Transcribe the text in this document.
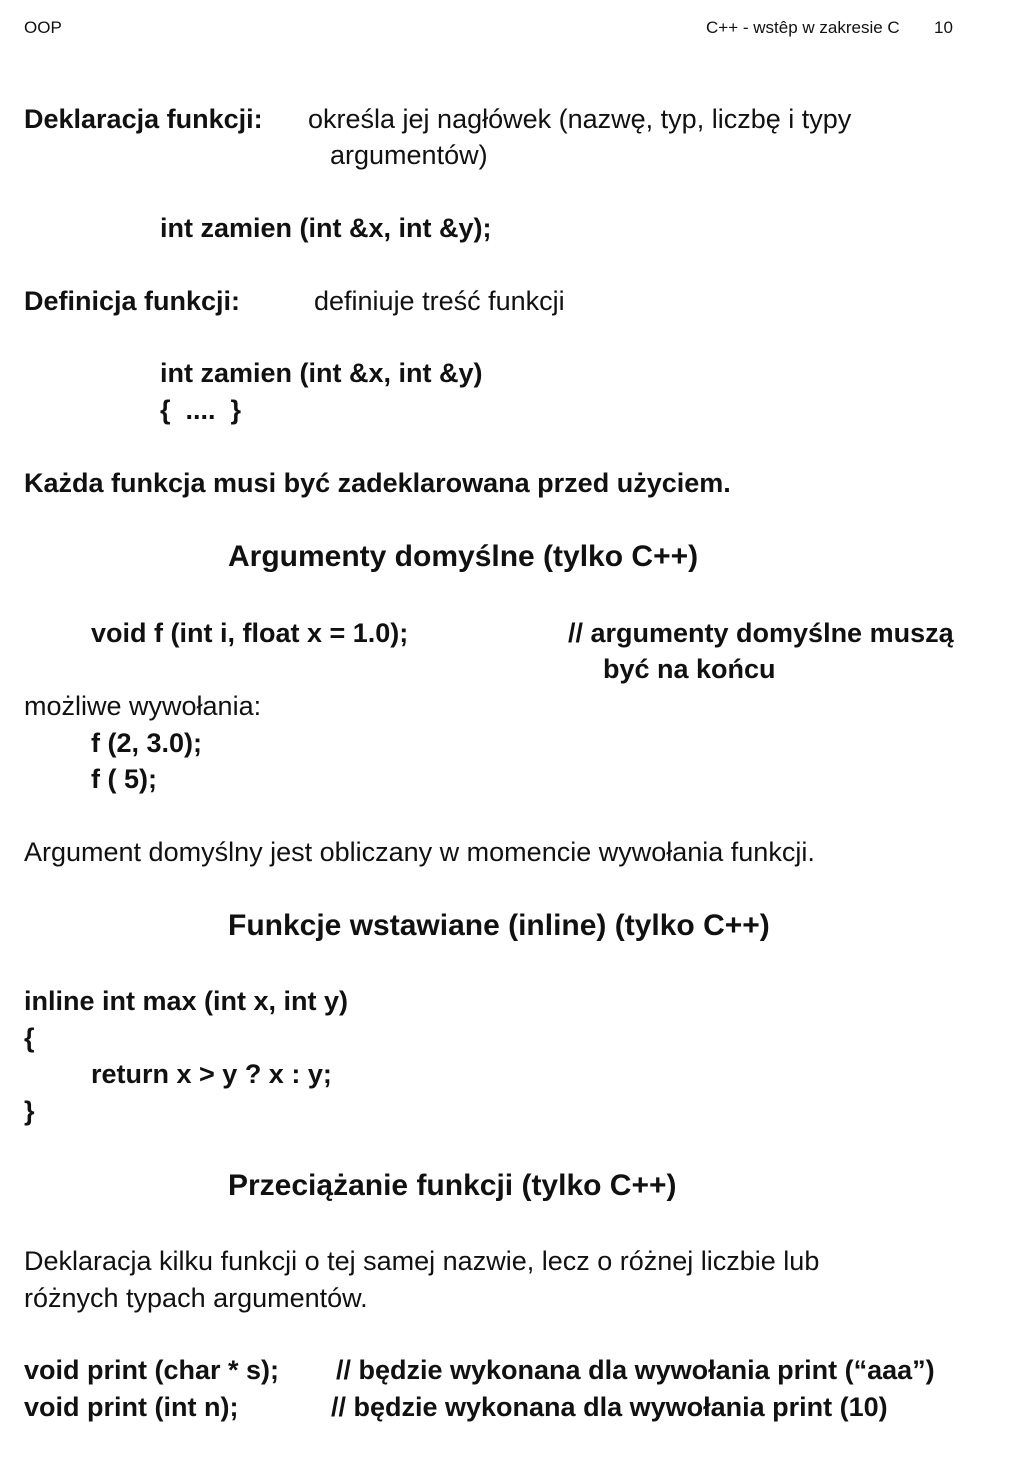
OOP	C++ - wstêp w zakresie C 10
Deklaracja funkcji: określa jej nagłówek (nazwę, typ, liczbę i typy
argumentów)
int zamien (int &x, int &y);
Definicja funkcji:	definiuje treść funkcji
int zamien (int &x, int &y)
{  ....  }
Każda funkcja musi być zadeklarowana przed użyciem.
Argumenty domyślne (tylko C++)
void f (int i, float x = 1.0);	// argumenty domyślne muszą
być na końcu
możliwe wywołania:
f (2, 3.0);
f ( 5);
Argument domyślny jest obliczany w momencie wywołania funkcji.
Funkcje wstawiane (inline) (tylko C++)
inline int max (int x, int y)
{
return x > y ? x : y;
}
Przeciążanie funkcji (tylko C++)
Deklaracja kilku funkcji o tej samej nazwie, lecz o różnej liczbie lub
różnych typach argumentów.
void print (char * s); // będzie wykonana dla wywołania print (“aaa”)
void print (int n);	// będzie wykonana dla wywołania print (10)
